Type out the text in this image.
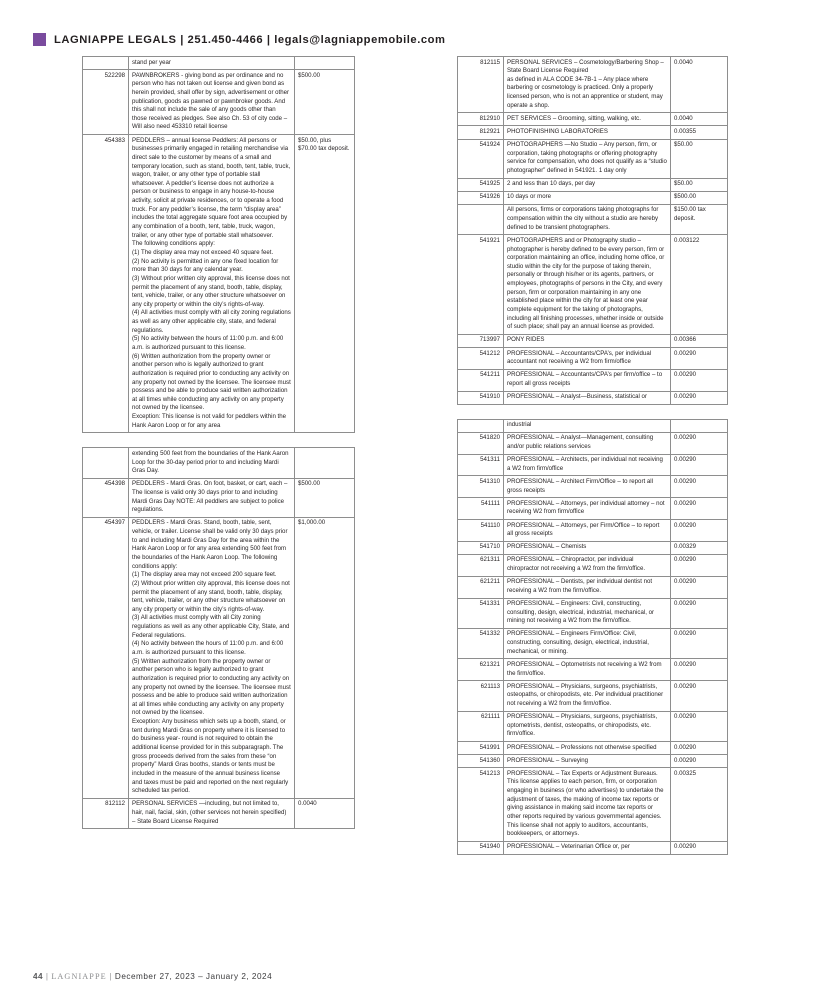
LAGNIAPPE LEGALS | 251.450-4466 | legals@lagniappemobile.com
	stand per year	
522298	PAWNBROKERS - giving bond as per ordinance and no person who has not taken out license and given bond as herein provided, shall offer by sign, advertisement or other publication, goods as pawned or pawnbroker goods. And this shall not include the sale of any goods other than those received as pledges. See also Ch. 53 of city code – Will also need 453310 retail license	$500.00
454383	PEDDLERS – annual license Peddlers: All persons or businesses primarily engaged in retailing merchandise via direct sale to the customer by means of a small and temporary location, such as stand, booth, tent, table, truck, wagon, trailer, or any other type of portable stall whatsoever. A peddler’s license does not authorize a person or business to engage in any house-to-house activity, solicit at private residences, or to operate a food truck. For any peddler’s license, the term “display area” includes the total aggregate square foot area occupied by any combination of a booth, tent, table, truck, wagon, trailer, or any other type of portable stall whatsoever.
The following conditions apply:
(1) The display area may not exceed 40 square feet.
(2) No activity is permitted in any one fixed location for more than 30 days for any calendar year.
(3) Without prior written city approval, this license does not permit the placement of any stand, booth, table, display, tent, vehicle, trailer, or any other structure whatsoever on any city property or within the city’s rights-of-way.
(4) All activities must comply with all city zoning regulations as well as any other applicable city, state, and federal regulations.
(5) No activity between the hours of 11:00 p.m. and 6:00 a.m. is authorized pursuant to this license.
(6) Written authorization from the property owner or another person who is legally authorized to grant authorization is required prior to conducting any activity on any property not owned by the licensee. The licensee must possess and be able to produce said written authorization at all times while conducting any activity on any property not owned by the licensee.
Exception: This license is not valid for peddlers within the Hank Aaron Loop or for any area	$50.00, plus $70.00 tax deposit.
	extending 500 feet from the boundaries of the Hank Aaron Loop for the 30-day period prior to and including Mardi Gras Day.	
454398	PEDDLERS - Mardi Gras. On foot, basket, or cart, each – The license is valid only 30 days prior to and including Mardi Gras Day NOTE: All peddlers are subject to police regulations.	$500.00
454397	PEDDLERS - Mardi Gras. Stand, booth, table, sent, vehicle, or trailer. License shall be valid only 30 days prior to and including Mardi Gras Day for the area within the Hank Aaron Loop or for any area extending 500 feet from the boundaries of the Hank Aaron Loop. The following conditions apply:
(1) The display area may not exceed 200 square feet.
(2) Without prior written city approval, this license does not permit the placement of any stand, booth, table, display, tent, vehicle, trailer, or any other structure whatsoever on any city property or within the city’s rights-of-way.
(3) All activities must comply with all City zoning regulations as well as any other applicable City, State, and Federal regulations.
(4) No activity between the hours of 11:00 p.m. and 6:00 a.m. is authorized pursuant to this license.
(5) Written authorization from the property owner or another person who is legally authorized to grant authorization is required prior to conducting any activity on any property not owned by the licensee. The licensee must possess and be able to produce said written authorization at all times while conducting any activity on any property not owned by the licensee.
Exception: Any business which sets up a booth, stand, or tent during Mardi Gras on property where it is licensed to do business year- round is not required to obtain the additional license provided for in this subparagraph. The gross proceeds derived from the sales from these “on property” Mardi Gras booths, stands or tents must be included in the measure of the annual business license and taxes must be paid and reported on the next regularly scheduled tax period.	$1,000.00
812112	PERSONAL SERVICES —including, but not limited to, hair, nail, facial, skin, (other services not herein specified) – State Board License Required	0.0040
812115	PERSONAL SERVICES – Cosmetology/Barbering Shop – State Board License Required
as defined in ALA CODE 34-7B-1 – Any place where barbering or cosmetology is practiced. Only a properly licensed person, who is not an apprentice or student, may operate a shop.	0.0040
812910	PET SERVICES – Grooming, sitting, walking, etc.	0.0040
812921	PHOTOFINISHING LABORATORIES	0.00355
541924	PHOTOGRAPHERS —No Studio – Any person, firm, or corporation, taking photographs or offering photography service for compensation, who does not qualify as a “studio photographer” defined in 541921. 1 day only	$50.00
541925	2 and less than 10 days, per day	$50.00
541926	10 days or more	$500.00
	All persons, firms or corporations taking photographs for compensation within the city without a studio are hereby defined to be transient photographers.	$150.00 tax deposit.
541921	PHOTOGRAPHERS and or Photography studio – photographer is hereby defined to be every person, firm or corporation maintaining an office, including home office, or studio within the city for the purpose of taking therein, personally or through his/her or its agents, partners, or employees, photographs of persons in the City, and every person, firm or corporation maintaining in any one established place within the city for at least one year complete equipment for the taking of photographs, including all finishing processes, whether inside or outside of such place; shall pay an annual license as provided.	0.003122
713997	PONY RIDES	0.00366
541212	PROFESSIONAL – Accountants/CPA’s, per individual accountant not receiving a W2 from firm/office	0.00290
541211	PROFESSIONAL – Accountants/CPA’s per firm/office – to report all gross receipts	0.00290
541910	PROFESSIONAL – Analyst—Business, statistical or	0.00290
	industrial	
541820	PROFESSIONAL – Analyst—Management, consulting and/or public relations services	0.00290
541311	PROFESSIONAL – Architects, per individual not receiving a W2 from firm/office	0.00290
541310	PROFESSIONAL – Architect Firm/Office – to report all gross receipts	0.00290
541111	PROFESSIONAL – Attorneys, per individual attorney – not receiving W2 from firm/office	0.00290
541110	PROFESSIONAL – Attorneys, per Firm/Office – to report all gross receipts	0.00290
541710	PROFESSIONAL – Chemists	0.00329
621311	PROFESSIONAL – Chiropractor, per individual chiropractor not receiving a W2 from the firm/office.	0.00290
621211	PROFESSIONAL – Dentists, per individual dentist not receiving a W2 from the firm/office.	0.00290
541331	PROFESSIONAL – Engineers: Civil, constructing, consulting, design, electrical, industrial, mechanical, or mining not receiving a W2 from the firm/office.	0.00290
541332	PROFESSIONAL – Engineers Firm/Office: Civil, constructing, consulting, design, electrical, industrial, mechanical, or mining.	0.00290
621321	PROFESSIONAL – Optometrists not receiving a W2 from the firm/office.	0.00290
621113	PROFESSIONAL – Physicians, surgeons, psychiatrists, osteopaths, or chiropodists, etc. Per individual practitioner not receiving a W2 from the firm/office.	0.00290
621111	PROFESSIONAL – Physicians, surgeons, psychiatrists, optometrists, dentist, osteopaths, or chiropodists, etc. firm/office.	0.00290
541991	PROFESSIONAL – Professions not otherwise specified	0.00290
541360	PROFESSIONAL – Surveying	0.00290
541213	PROFESSIONAL – Tax Experts or Adjustment Bureaus. This license applies to each person, firm, or corporation engaging in business (or who advertises) to undertake the adjustment of taxes, the making of income tax reports or giving assistance in making said income tax reports or other reports required by various governmental agencies. This license shall not apply to auditors, accountants, bookkeepers, or attorneys.	0.00325
541940	PROFESSIONAL – Veterinarian Office or, per	0.00290
44 | LAGNIAPPE | December 27, 2023 – January 2, 2024
